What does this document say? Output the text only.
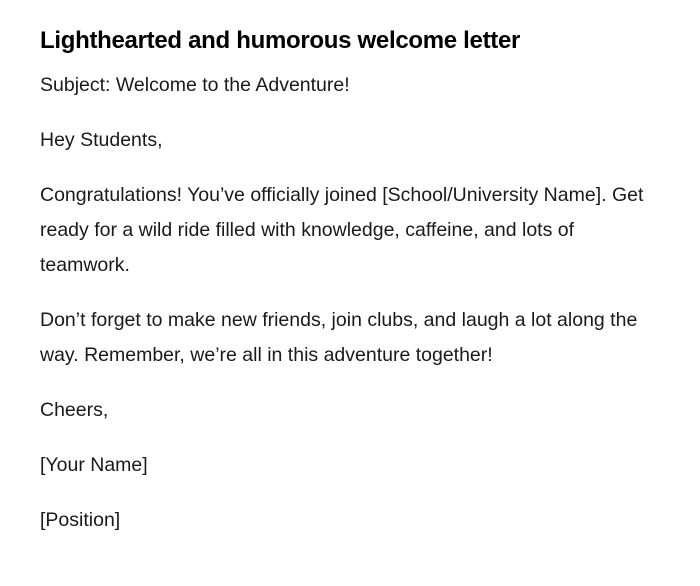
Lighthearted and humorous welcome letter

Subject: Welcome to the Adventure!

Hey Students,

Congratulations! You’ve officially joined [School/University Name]. Get ready for a wild ride filled with knowledge, caffeine, and lots of teamwork.

Don’t forget to make new friends, join clubs, and laugh a lot along the way. Remember, we’re all in this adventure together!

Cheers,

[Your Name]

[Position]
